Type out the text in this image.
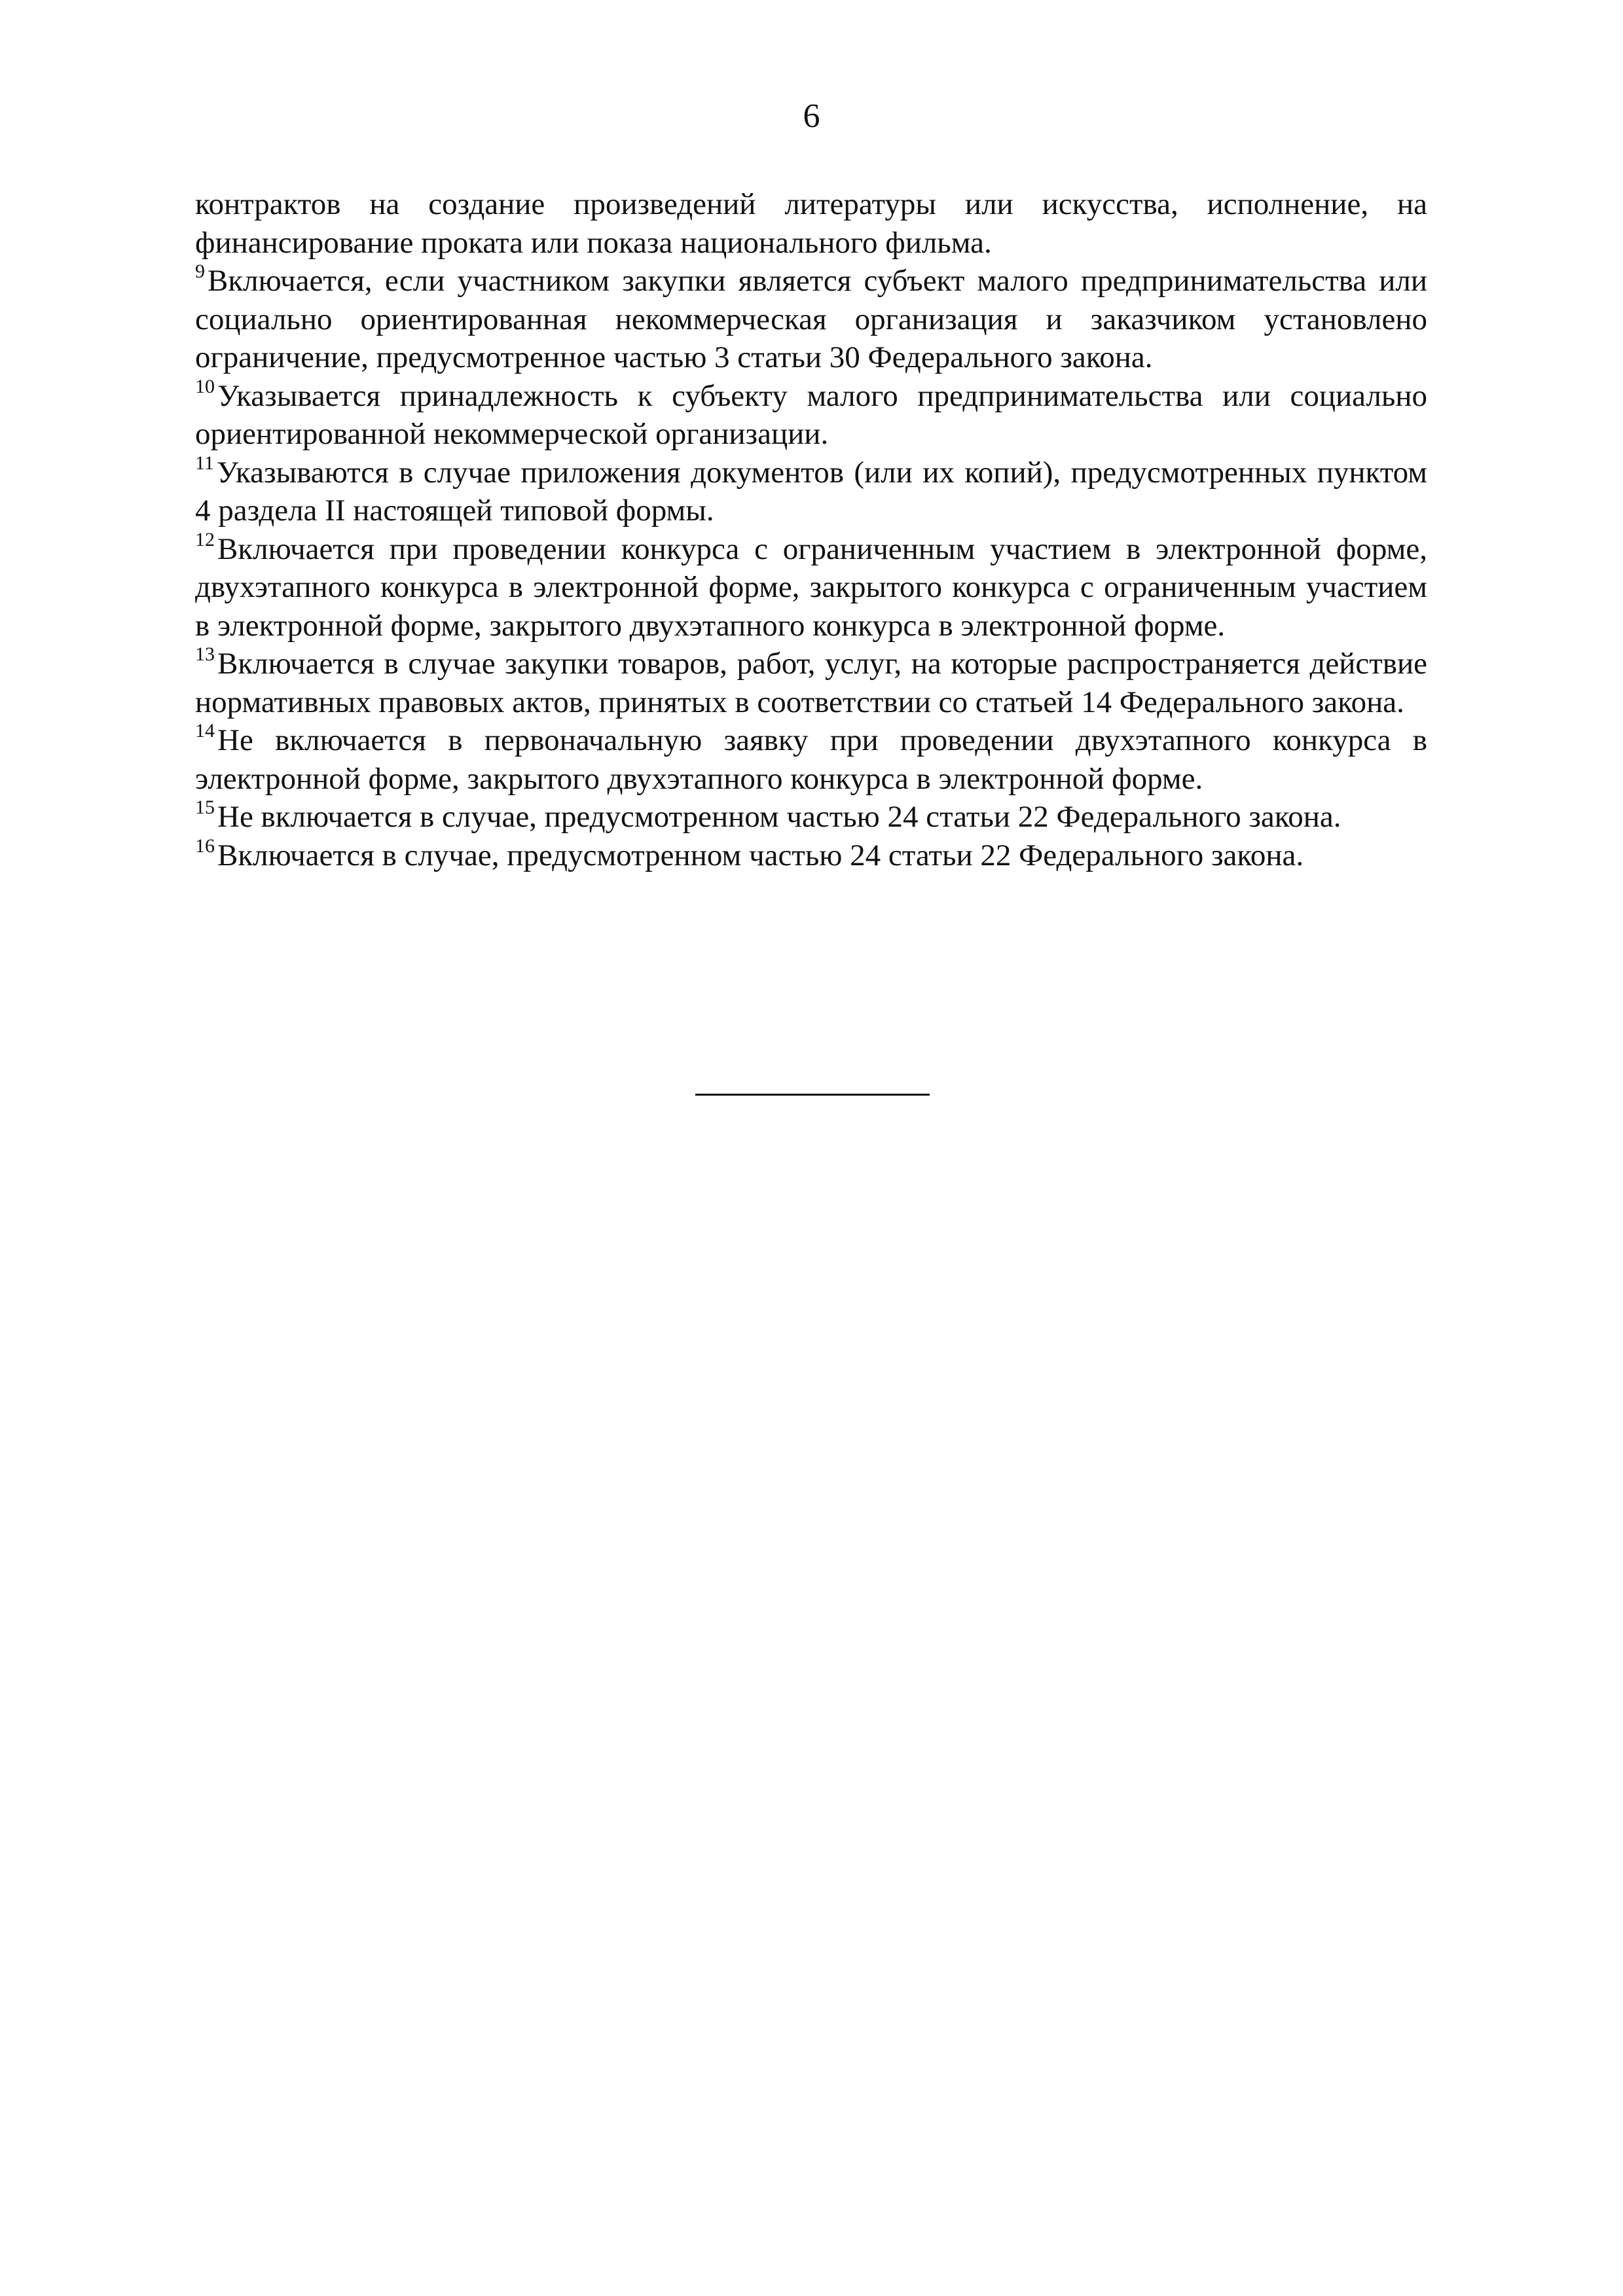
6

контрактов на создание произведений литературы или искусства, исполнение, на финансирование проката или показа национального фильма.

$^9$Включается, если участником закупки является субъект малого предпринимательства или социально ориентированная некоммерческая организация и заказчиком установлено ограничение, предусмотренное частью 3 статьи 30 Федерального закона.

$^{10}$Указывается принадлежность к субъекту малого предпринимательства или социально ориентированной некоммерческой организации.

$^{11}$Указываются в случае приложения документов (или их копий), предусмотренных пунктом 4 раздела II настоящей типовой формы.

$^{12}$Включается при проведении конкурса с ограниченным участием в электронной форме, двухэтапного конкурса в электронной форме, закрытого конкурса с ограниченным участием в электронной форме, закрытого двухэтапного конкурса в электронной форме.

$^{13}$Включается в случае закупки товаров, работ, услуг, на которые распространяется действие нормативных правовых актов, принятых в соответствии со статьей 14 Федерального закона.

$^{14}$Не включается в первоначальную заявку при проведении двухэтапного конкурса в электронной форме, закрытого двухэтапного конкурса в электронной форме.

$^{15}$Не включается в случае, предусмотренном частью 24 статьи 22 Федерального закона.

$^{16}$Включается в случае, предусмотренном частью 24 статьи 22 Федерального закона.
